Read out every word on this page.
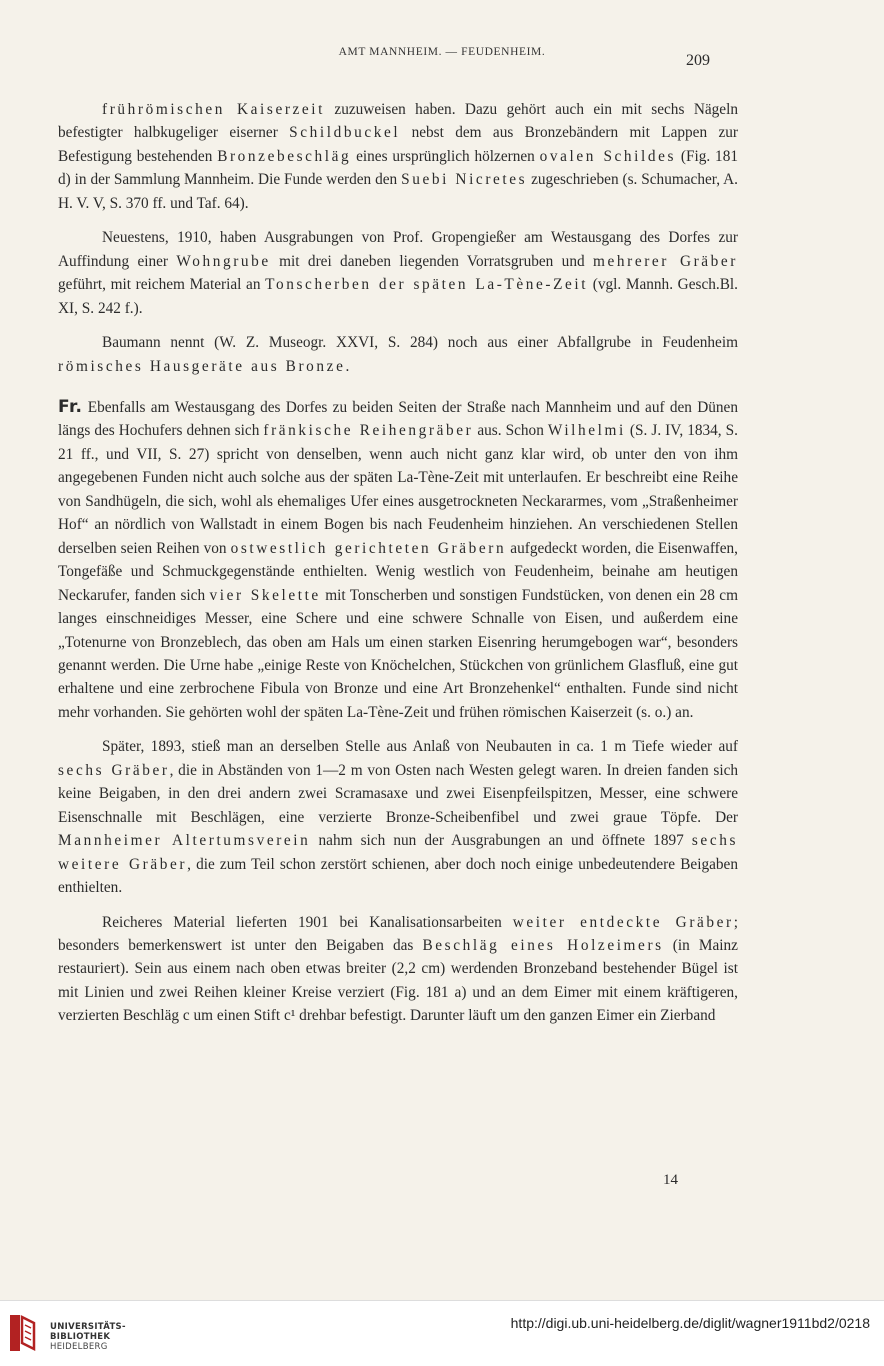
AMT MANNHEIM. — FEUDENHEIM.	209

frührömischen Kaiserzeit zuzuweisen haben. Dazu gehört auch ein mit sechs Nägeln befestigter halbkugeliger eiserner Schildbuckel nebst dem aus Bronzebändern mit Lappen zur Befestigung bestehenden Bronzebeschläg eines ursprünglich hölzernen ovalen Schildes (Fig. 181 d) in der Sammlung Mannheim. Die Funde werden den Suebi Nicretes zugeschrieben (s. Schumacher, A. H. V. V, S. 370 ff. und Taf. 64).

Neuestens, 1910, haben Ausgrabungen von Prof. Gropengießer am Westausgang des Dorfes zur Auffindung einer Wohngrube mit drei daneben liegenden Vorratsgruben und mehrerer Gräber geführt, mit reichem Material an Tonscherben der späten La-Tène-Zeit (vgl. Mannh. Gesch.Bl. XI, S. 242 f.).

Baumann nennt (W. Z. Museogr. XXVI, S. 284) noch aus einer Abfallgrube in Feudenheim römisches Hausgeräte aus Bronze.

Fr. Ebenfalls am Westausgang des Dorfes zu beiden Seiten der Straße nach Mannheim und auf den Dünen längs des Hochufers dehnen sich fränkische Reihengräber aus. Schon Wilhelmi (S. J. IV, 1834, S. 21 ff., und VII, S. 27) spricht von denselben, wenn auch nicht ganz klar wird, ob unter den von ihm angegebenen Funden nicht auch solche aus der späten La-Tène-Zeit mit unterlaufen. Er beschreibt eine Reihe von Sandhügeln, die sich, wohl als ehemaliges Ufer eines ausgetrockneten Neckararmes, vom „Straßenheimer Hof“ an nördlich von Wallstadt in einem Bogen bis nach Feudenheim hinziehen. An verschiedenen Stellen derselben seien Reihen von ostwestlich gerichteten Gräbern aufgedeckt worden, die Eisenwaffen, Tongefäße und Schmuckgegenstände enthielten. Wenig westlich von Feudenheim, beinahe am heutigen Neckarufer, fanden sich vier Skelette mit Tonscherben und sonstigen Fundstücken, von denen ein 28 cm langes einschneidiges Messer, eine Schere und eine schwere Schnalle von Eisen, und außerdem eine „Totenurne von Bronzeblech, das oben am Hals um einen starken Eisenring herumgebogen war“, besonders genannt werden. Die Urne habe „einige Reste von Knöchelchen, Stückchen von grünlichem Glasfluß, eine gut erhaltene und eine zerbrochene Fibula von Bronze und eine Art Bronzehenkel“ enthalten. Funde sind nicht mehr vorhanden. Sie gehörten wohl der späten La-Tène-Zeit und frühen römischen Kaiserzeit (s. o.) an.

Später, 1893, stieß man an derselben Stelle aus Anlaß von Neubauten in ca. 1 m Tiefe wieder auf sechs Gräber, die in Abständen von 1—2 m von Osten nach Westen gelegt waren. In dreien fanden sich keine Beigaben, in den drei andern zwei Scramasaxe und zwei Eisenpfeilspitzen, Messer, eine schwere Eisenschnalle mit Beschlägen, eine verzierte Bronze-Scheibenfibel und zwei graue Töpfe. Der Mannheimer Altertumsverein nahm sich nun der Ausgrabungen an und öffnete 1897 sechs weitere Gräber, die zum Teil schon zerstört schienen, aber doch noch einige unbedeutendere Beigaben enthielten.

Reicheres Material lieferten 1901 bei Kanalisationsarbeiten weiter entdeckte Gräber; besonders bemerkenswert ist unter den Beigaben das Beschläg eines Holzeimers (in Mainz restauriert). Sein aus einem nach oben etwas breiter (2,2 cm) werdenden Bronzeband bestehender Bügel ist mit Linien und zwei Reihen kleiner Kreise verziert (Fig. 181 a) und an dem Eimer mit einem kräftigeren, verzierten Beschläg c um einen Stift c¹ drehbar befestigt. Darunter läuft um den ganzen Eimer ein Zierband

14
UNIVERSITÄTS-
BIBLIOTHEK
HEIDELBERG
http://digi.ub.uni-heidelberg.de/diglit/wagner1911bd2/0218
